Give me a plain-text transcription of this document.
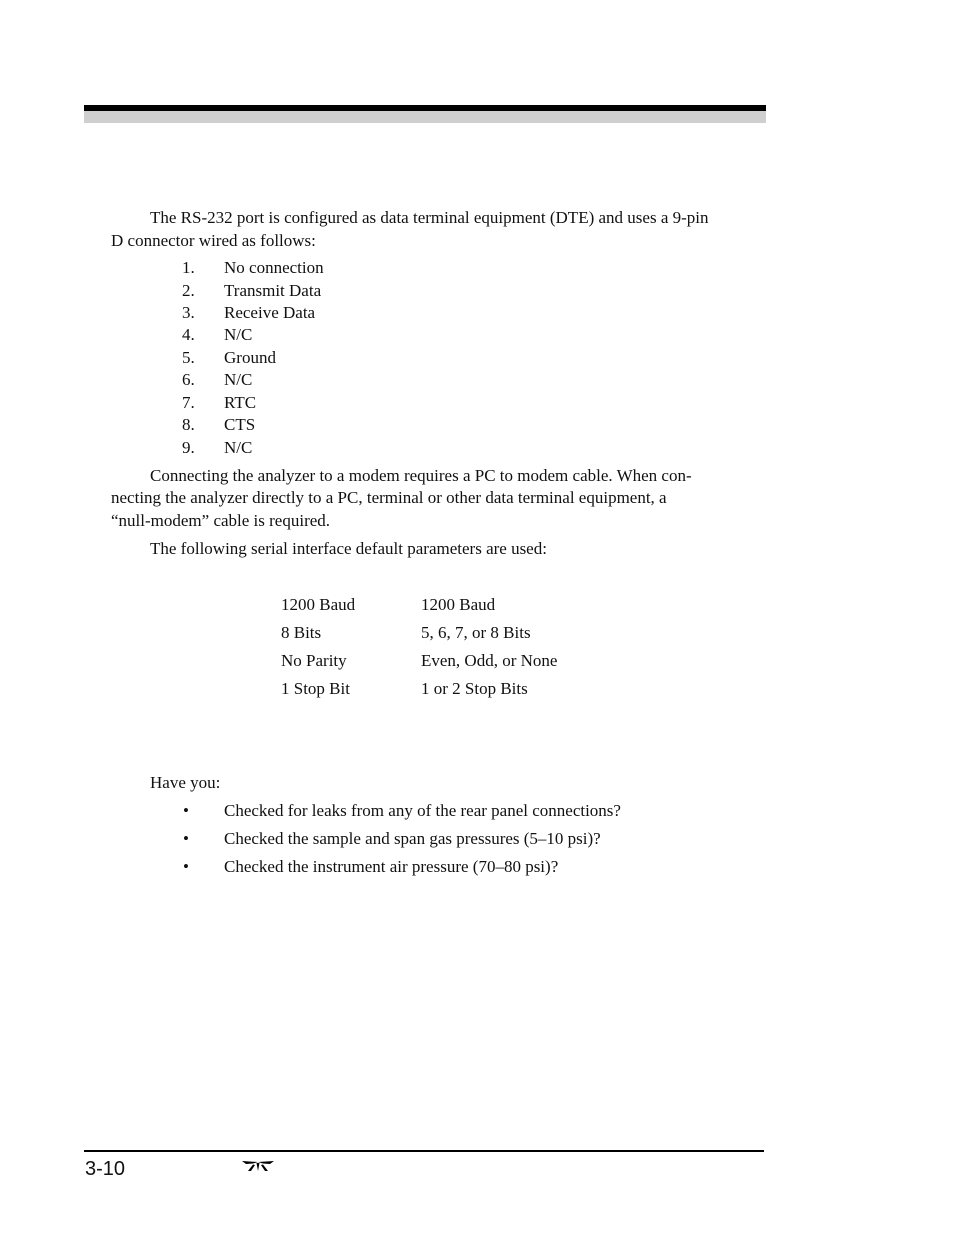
The RS-232 port is configured as data terminal equipment (DTE) and uses a 9-pin
D connector wired as follows:
1. No connection
2. Transmit Data
3. Receive Data
4. N/C
5. Ground
6. N/C
7. RTC
8. CTS
9. N/C
Connecting the analyzer to a modem requires a PC to modem cable. When con-
necting the analyzer directly to a PC, terminal or other data terminal equipment, a
“null-modem” cable is required.
The following serial interface default parameters are used:
1200 Baud	1200 Baud
8 Bits	5, 6, 7, or 8 Bits
No Parity	Even, Odd, or None
1 Stop Bit	1 or 2 Stop Bits
Have you:
• Checked for leaks from any of the rear panel connections?
• Checked the sample and span gas pressures (5–10 psi)?
• Checked the instrument air pressure (70–80 psi)?
3-10
